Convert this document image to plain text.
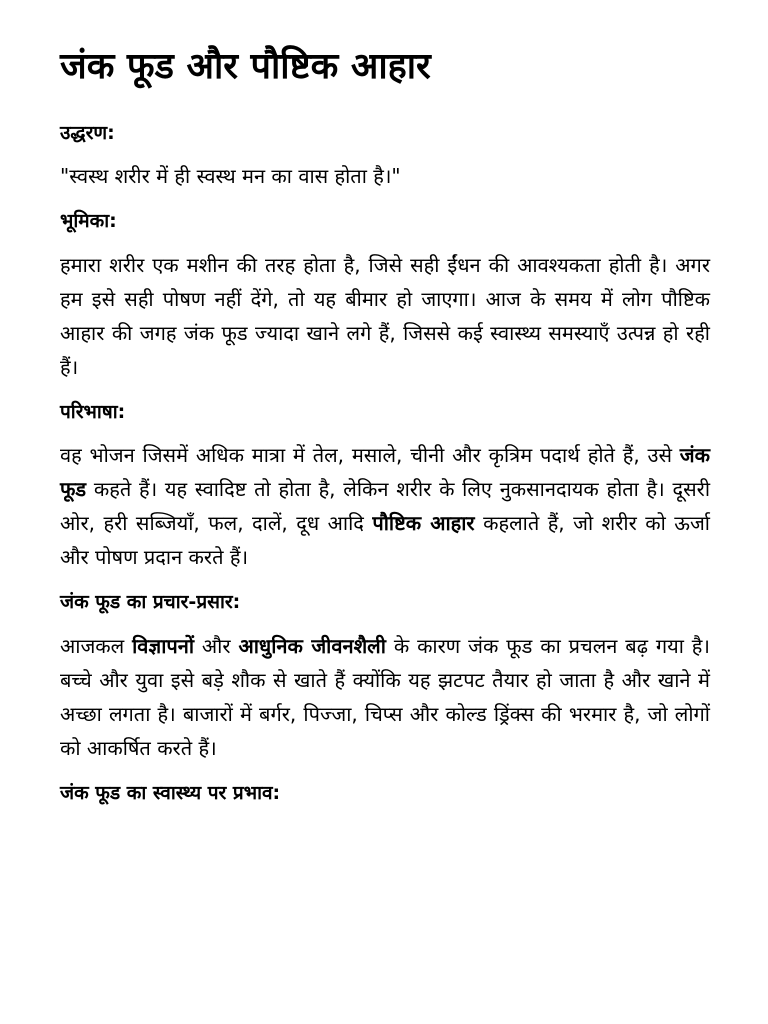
जंक फूड और पौष्टिक आहार
उद्धरण:

"स्वस्थ शरीर में ही स्वस्थ मन का वास होता है।"

भूमिका:

हमारा शरीर एक मशीन की तरह होता है, जिसे सही ईंधन की आवश्यकता होती है। अगर हम इसे सही पोषण नहीं देंगे, तो यह बीमार हो जाएगा। आज के समय में लोग पौष्टिक आहार की जगह जंक फूड ज्यादा खाने लगे हैं, जिससे कई स्वास्थ्य समस्याएँ उत्पन्न हो रही हैं।

परिभाषा:

वह भोजन जिसमें अधिक मात्रा में तेल, मसाले, चीनी और कृत्रिम पदार्थ होते हैं, उसे जंक फूड कहते हैं। यह स्वादिष्ट तो होता है, लेकिन शरीर के लिए नुकसानदायक होता है। दूसरी ओर, हरी सब्जियाँ, फल, दालें, दूध आदि पौष्टिक आहार कहलाते हैं, जो शरीर को ऊर्जा और पोषण प्रदान करते हैं।

जंक फूड का प्रचार-प्रसार:

आजकल विज्ञापनों और आधुनिक जीवनशैली के कारण जंक फूड का प्रचलन बढ़ गया है। बच्चे और युवा इसे बड़े शौक से खाते हैं क्योंकि यह झटपट तैयार हो जाता है और खाने में अच्छा लगता है। बाजारों में बर्गर, पिज्जा, चिप्स और कोल्ड ड्रिंक्स की भरमार है, जो लोगों को आकर्षित करते हैं।

जंक फूड का स्वास्थ्य पर प्रभाव:
